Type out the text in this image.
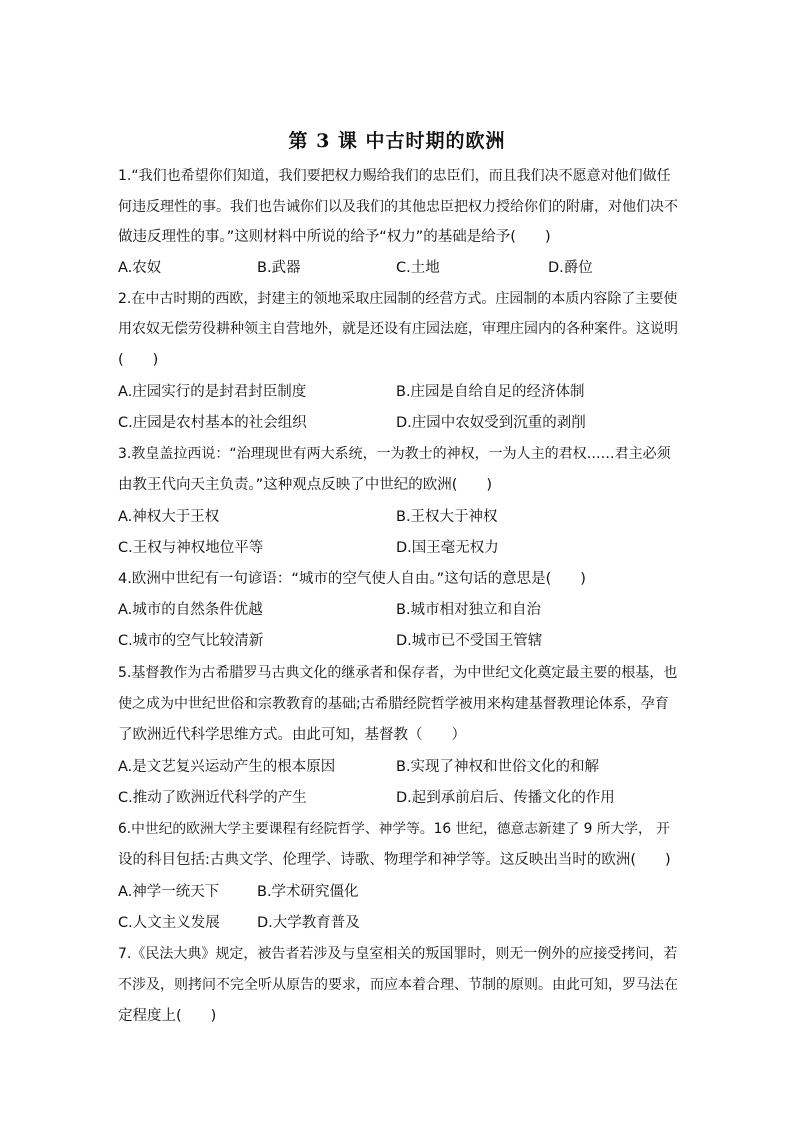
第 3 课 中古时期的欧洲
1.“我们也希望你们知道，我们要把权力赐给我们的忠臣们，而且我们决不愿意对他们做任
何违反理性的事。我们也告诫你们以及我们的其他忠臣把权力授给你们的附庸，对他们决不
做违反理性的事。”这则材料中所说的给予“权力”的基础是给予(　　)
A.农奴	B.武器	C.土地	D.爵位
2.在中古时期的西欧，封建主的领地采取庄园制的经营方式。庄园制的本质内容除了主要使
用农奴无偿劳役耕种领主自营地外，就是还设有庄园法庭，审理庄园内的各种案件。这说明
(　　)
A.庄园实行的是封君封臣制度	B.庄园是自给自足的经济体制
C.庄园是农村基本的社会组织	D.庄园中农奴受到沉重的剥削
3.教皇盖拉西说：“治理现世有两大系统，一为教士的神权，一为人主的君权……君主必须
由教王代向天主负责。”这种观点反映了中世纪的欧洲(　　)
A.神权大于王权	B.王权大于神权
C.王权与神权地位平等	D.国王毫无权力
4.欧洲中世纪有一句谚语：“城市的空气使人自由。”这句话的意思是(　　)
A.城市的自然条件优越	B.城市相对独立和自治
C.城市的空气比较清新	D.城市已不受国王管辖
5.基督教作为古希腊罗马古典文化的继承者和保存者，为中世纪文化奠定最主要的根基，也
使之成为中世纪世俗和宗教教育的基础;古希腊经院哲学被用来构建基督教理论体系，孕育
了欧洲近代科学思维方式。由此可知，基督教（　　）
A.是文艺复兴运动产生的根本原因	B.实现了神权和世俗文化的和解
C.推动了欧洲近代科学的产生	D.起到承前启后、传播文化的作用
6.中世纪的欧洲大学主要课程有经院哲学、神学等。16 世纪，德意志新建了 9 所大学， 开
设的科目包括:古典文学、伦理学、诗歌、物理学和神学等。这反映出当时的欧洲(　　)
A.神学一统天下	B.学术研究僵化
C.人文主义发展	D.大学教育普及
7.《民法大典》规定，被告者若涉及与皇室相关的叛国罪时，则无一例外的应接受拷问，若
不涉及，则拷问不完全听从原告的要求，而应本着合理、节制的原则。由此可知，罗马法在
定程度上(　　)
